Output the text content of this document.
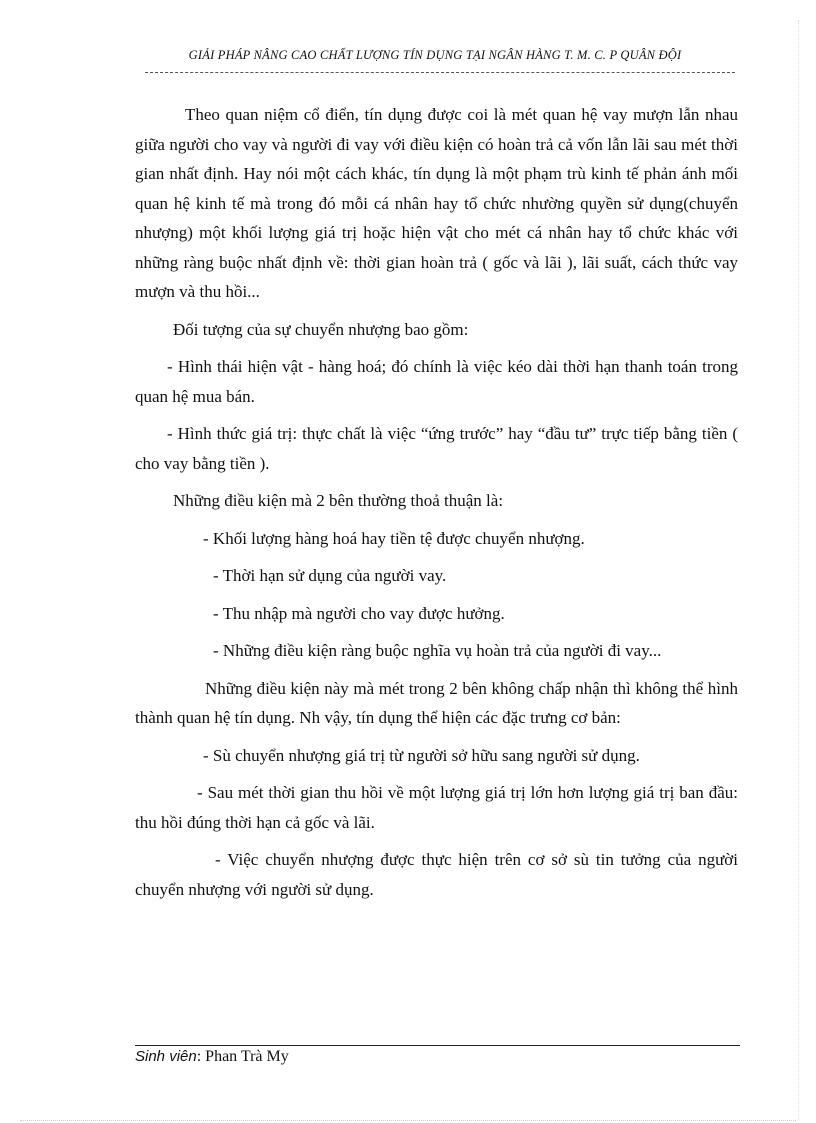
GIẢI PHÁP NÂNG CAO CHẤT LƯỢNG TÍN DỤNG TẠI NGÂN HÀNG T. M. C. P QUÂN ĐỘI

Theo quan niệm cổ điển, tín dụng được coi là mét quan hệ vay mượn lẫn nhau giữa người cho vay và người đi vay với điều kiện có hoàn trả cả vốn lẫn lãi sau mét thời gian nhất định. Hay nói một cách khác, tín dụng là một phạm trù kinh tế phản ánh mối quan hệ kinh tế mà trong đó mỗi cá nhân hay tổ chức nhường quyền sử dụng(chuyển nhượng) một khối lượng giá trị hoặc hiện vật cho mét cá nhân hay tổ chức khác với những ràng buộc nhất định về: thời gian hoàn trả ( gốc và lãi ), lãi suất, cách thức vay mượn và thu hồi...

Đối tượng của sự chuyển nhượng bao gồm:

- Hình thái hiện vật - hàng hoá; đó chính là việc kéo dài thời hạn thanh toán trong quan hệ mua bán.

- Hình thức giá trị: thực chất là việc “ứng trước” hay “đầu tư” trực tiếp bằng tiền ( cho vay bằng tiền ).

Những điều kiện mà 2 bên thường thoả thuận là:

- Khối lượng hàng hoá hay tiền tệ được chuyển nhượng.

- Thời hạn sử dụng của người vay.

- Thu nhập mà người cho vay được hưởng.

- Những điều kiện ràng buộc nghĩa vụ hoàn trả của người đi vay...

Những điều kiện này mà mét trong 2 bên không chấp nhận thì không thể hình thành quan hệ tín dụng. Nh vậy, tín dụng thể hiện các đặc trưng cơ bản:

- Sù chuyển nhượng giá trị từ người sở hữu sang người sử dụng.

- Sau mét thời gian thu hồi về một lượng giá trị lớn hơn lượng giá trị ban đầu: thu hồi đúng thời hạn cả gốc và lãi.

- Việc chuyển nhượng được thực hiện trên cơ sở sù tin tưởng của người chuyển nhượng với người sử dụng.

Sinh viên: Phan Trà My
